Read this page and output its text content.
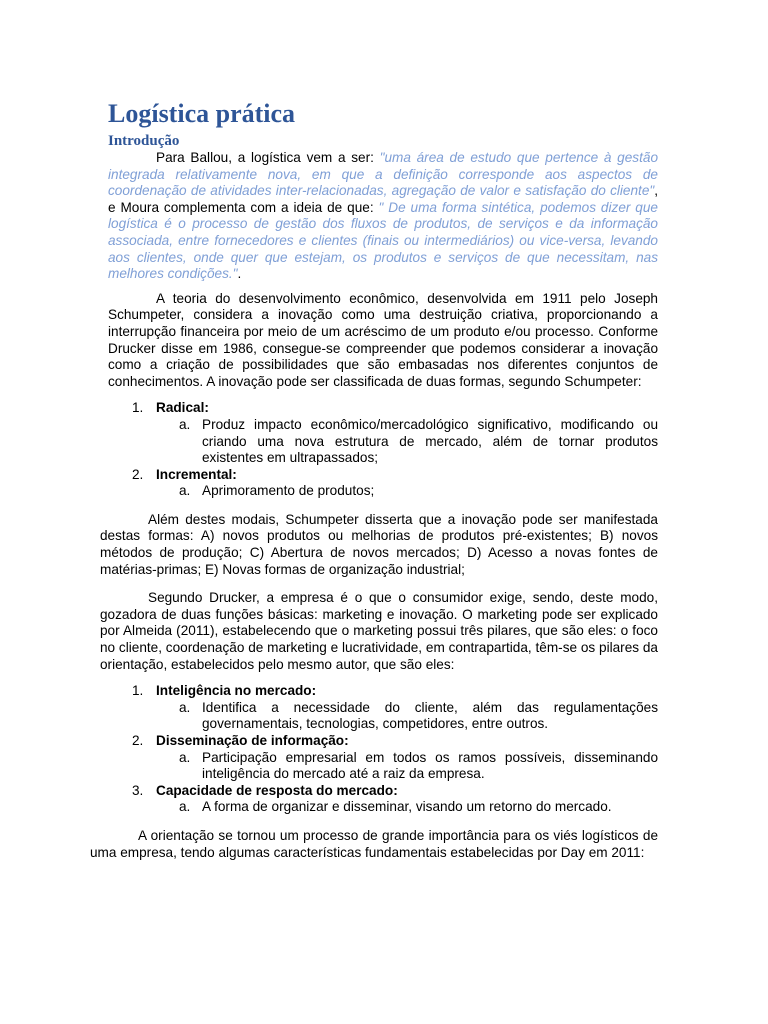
Logística prática
Introdução

Para Ballou, a logística vem a ser: "uma área de estudo que pertence à gestão integrada relativamente nova, em que a definição corresponde aos aspectos de coordenação de atividades inter-relacionadas, agregação de valor e satisfação do cliente", e Moura complementa com a ideia de que: " De uma forma sintética, podemos dizer que logística é o processo de gestão dos fluxos de produtos, de serviços e da informação associada, entre fornecedores e clientes (finais ou intermediários) ou vice-versa, levando aos clientes, onde quer que estejam, os produtos e serviços de que necessitam, nas melhores condições.".

A teoria do desenvolvimento econômico, desenvolvida em 1911 pelo Joseph Schumpeter, considera a inovação como uma destruição criativa, proporcionando a interrupção financeira por meio de um acréscimo de um produto e/ou processo. Conforme Drucker disse em 1986, consegue-se compreender que podemos considerar a inovação como a criação de possibilidades que são embasadas nos diferentes conjuntos de conhecimentos. A inovação pode ser classificada de duas formas, segundo Schumpeter:

1. Radical:
a. Produz impacto econômico/mercadológico significativo, modificando ou criando uma nova estrutura de mercado, além de tornar produtos existentes em ultrapassados;
2. Incremental:
a. Aprimoramento de produtos;

Além destes modais, Schumpeter disserta que a inovação pode ser manifestada destas formas: A) novos produtos ou melhorias de produtos pré-existentes; B) novos métodos de produção; C) Abertura de novos mercados; D) Acesso a novas fontes de matérias-primas; E) Novas formas de organização industrial;

Segundo Drucker, a empresa é o que o consumidor exige, sendo, deste modo, gozadora de duas funções básicas: marketing e inovação. O marketing pode ser explicado por Almeida (2011), estabelecendo que o marketing possui três pilares, que são eles: o foco no cliente, coordenação de marketing e lucratividade, em contrapartida, têm-se os pilares da orientação, estabelecidos pelo mesmo autor, que são eles:

1. Inteligência no mercado:
a. Identifica a necessidade do cliente, além das regulamentações governamentais, tecnologias, competidores, entre outros.
2. Disseminação de informação:
a. Participação empresarial em todos os ramos possíveis, disseminando inteligência do mercado até a raiz da empresa.
3. Capacidade de resposta do mercado:
a. A forma de organizar e disseminar, visando um retorno do mercado.

A orientação se tornou um processo de grande importância para os viés logísticos de uma empresa, tendo algumas características fundamentais estabelecidas por Day em 2011:
